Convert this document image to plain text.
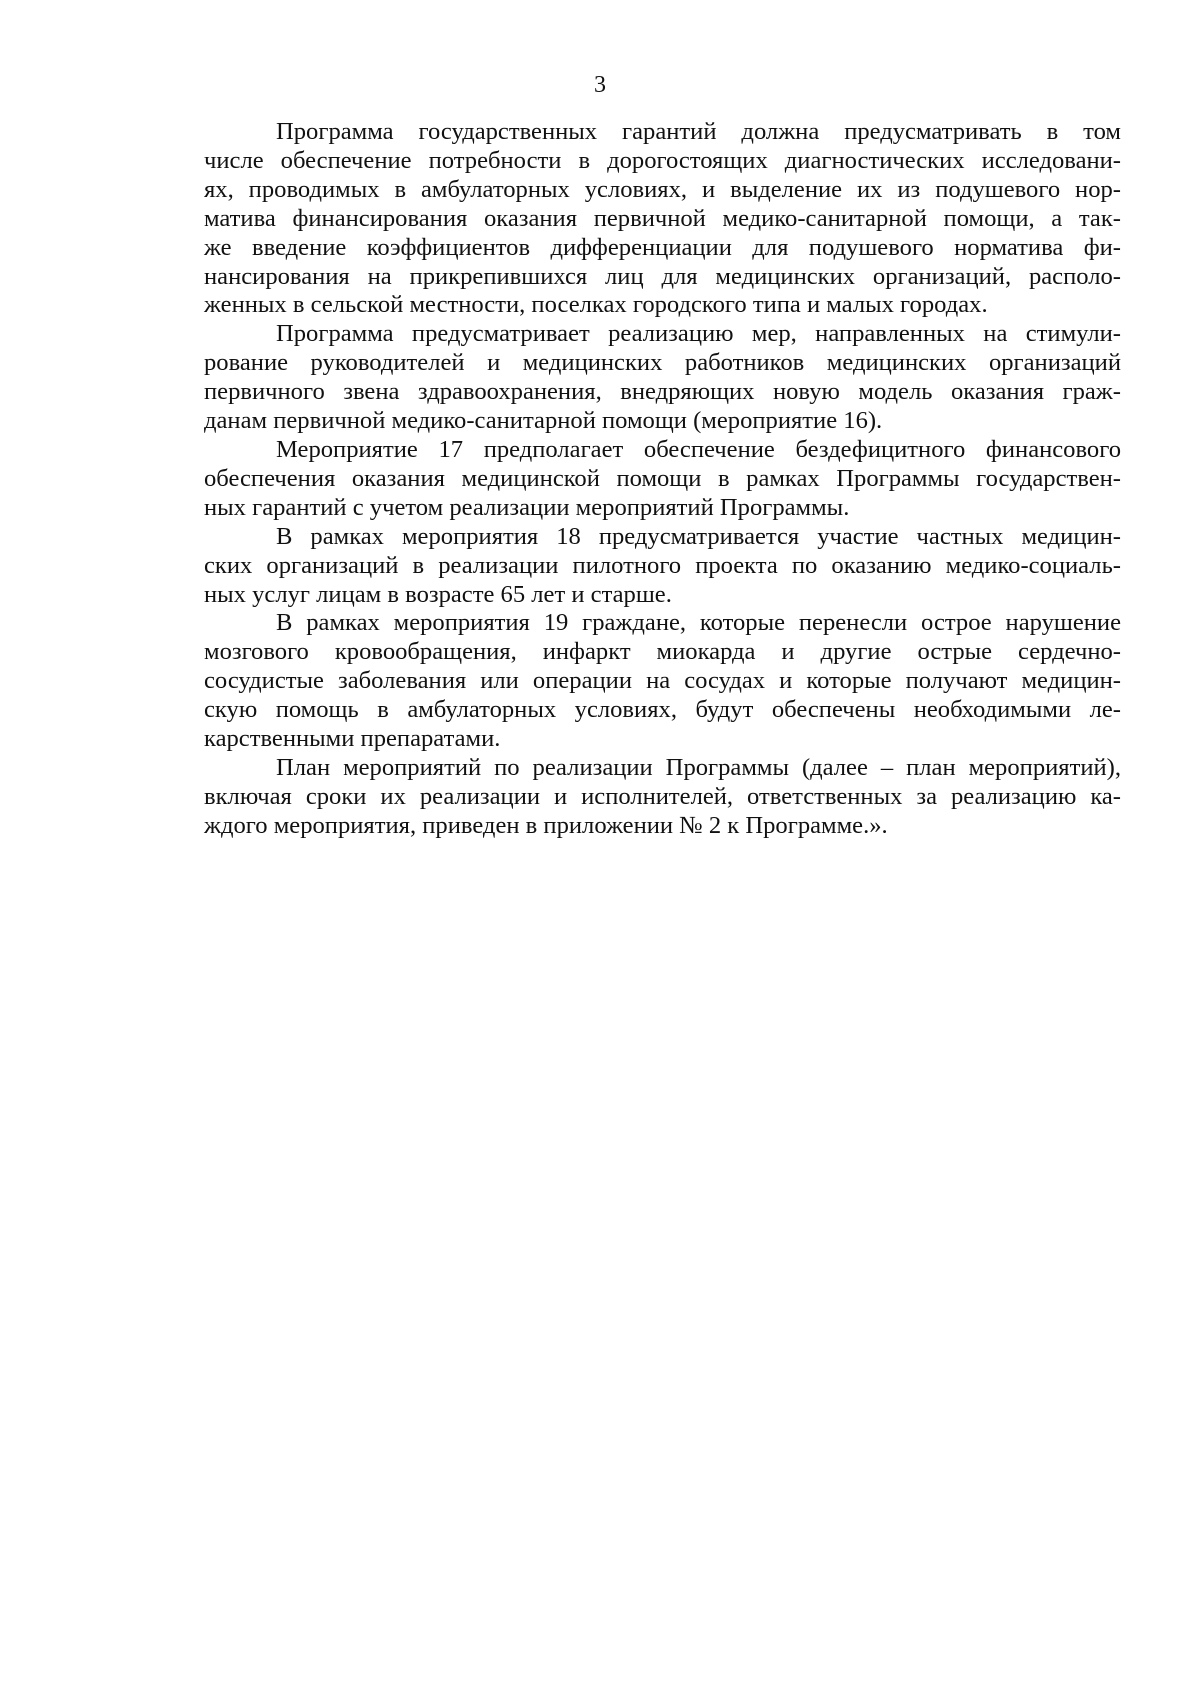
3

Программа государственных гарантий должна предусматривать в том
числе обеспечение потребности в дорогостоящих диагностических исследовани-
ях, проводимых в амбулаторных условиях, и выделение их из подушевого нор-
матива финансирования оказания первичной медико-санитарной помощи, а так-
же введение коэффициентов дифференциации для подушевого норматива фи-
нансирования на прикрепившихся лиц для медицинских организаций, располо-
женных в сельской местности, поселках городского типа и малых городах.

Программа предусматривает реализацию мер, направленных на стимули-
рование руководителей и медицинских работников медицинских организаций
первичного звена здравоохранения, внедряющих новую модель оказания граж-
данам первичной медико-санитарной помощи (мероприятие 16).

Мероприятие 17 предполагает обеспечение бездефицитного финансового
обеспечения оказания медицинской помощи в рамках Программы государствен-
ных гарантий с учетом реализации мероприятий Программы.

В рамках мероприятия 18 предусматривается участие частных медицин-
ских организаций в реализации пилотного проекта по оказанию медико-социаль-
ных услуг лицам в возрасте 65 лет и старше.

В рамках мероприятия 19 граждане, которые перенесли острое нарушение
мозгового кровообращения, инфаркт миокарда и другие острые сердечно-
сосудистые заболевания или операции на сосудах и которые получают медицин-
скую помощь в амбулаторных условиях, будут обеспечены необходимыми ле-
карственными препаратами.

План мероприятий по реализации Программы (далее – план мероприятий),
включая сроки их реализации и исполнителей, ответственных за реализацию ка-
ждого мероприятия, приведен в приложении № 2 к Программе.».
